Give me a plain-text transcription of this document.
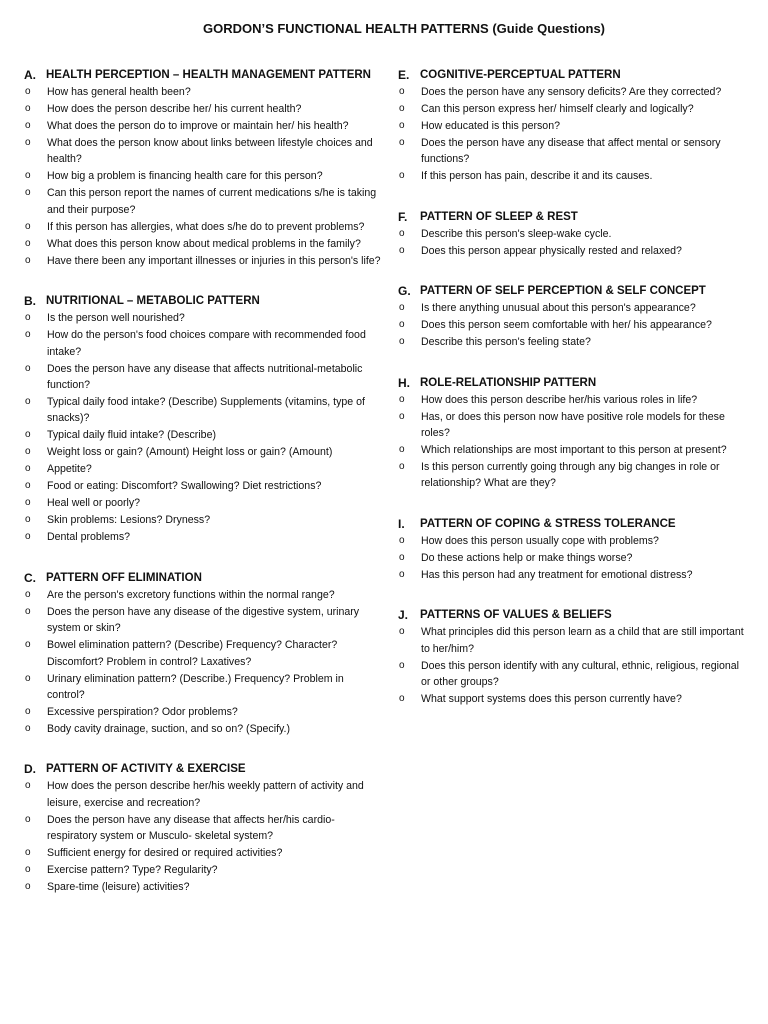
GORDON’S FUNCTIONAL HEALTH PATTERNS (Guide Questions)
A. HEALTH PERCEPTION – HEALTH MANAGEMENT PATTERN
o	How has general health been?
o	How does the person describe her/ his current health?
o	What does the person do to improve or maintain her/ his health?
o	What does the person know about links between lifestyle choices and health?
o	How big a problem is financing health care for this person?
o	Can this person report the names of current medications s/he is taking and their purpose?
o	If this person has allergies, what does s/he do to prevent problems?
o	What does this person know about medical problems in the family?
o	Have there been any important illnesses or injuries in this person's life?
B. NUTRITIONAL – METABOLIC PATTERN
o	Is the person well nourished?
o	How do the person's food choices compare with recommended food intake?
o	Does the person have any disease that affects nutritional-metabolic function?
o	Typical daily food intake? (Describe) Supplements (vitamins, type of snacks)?
o	Typical daily fluid intake? (Describe)
o	Weight loss or gain? (Amount) Height loss or gain? (Amount)
o	Appetite?
o	Food or eating: Discomfort? Swallowing? Diet restrictions?
o	Heal well or poorly?
o	Skin problems: Lesions? Dryness?
o	Dental problems?
C. PATTERN OFF ELIMINATION
o	Are the person's excretory functions within the normal range?
o	Does the person have any disease of the digestive system, urinary system or skin?
o	Bowel elimination pattern? (Describe) Frequency? Character? Discomfort? Problem in control? Laxatives?
o	Urinary elimination pattern? (Describe.) Frequency? Problem in control?
o	Excessive perspiration? Odor problems?
o	Body cavity drainage, suction, and so on? (Specify.)
D. PATTERN OF ACTIVITY & EXERCISE
o	How does the person describe her/his weekly pattern of activity and leisure, exercise and recreation?
o	Does the person have any disease that affects her/his cardio-respiratory system or Musculo- skeletal system?
o	Sufficient energy for desired or required activities?
o	Exercise pattern? Type? Regularity?
o	Spare-time (leisure) activities?
E. COGNITIVE-PERCEPTUAL PATTERN
o	Does the person have any sensory deficits? Are they corrected?
o	Can this person express her/ himself clearly and logically?
o	How educated is this person?
o	Does the person have any disease that affect mental or sensory functions?
o	If this person has pain, describe it and its causes.
F.	PATTERN OF SLEEP & REST
o	Describe this person's sleep-wake cycle.
o	Does this person appear physically rested and relaxed?
G. PATTERN OF SELF PERCEPTION & SELF CONCEPT
o	Is there anything unusual about this person's appearance?
o	Does this person seem comfortable with her/ his appearance?
o	Describe this person's feeling state?
H. ROLE-RELATIONSHIP PATTERN
o	How does this person describe her/his various roles in life?
o	Has, or does this person now have positive role models for these roles?
o	Which relationships are most important to this person at present?
o	Is this person currently going through any big changes in role or relationship? What are they?
I.	PATTERN OF COPING & STRESS TOLERANCE
o	How does this person usually cope with problems?
o	Do these actions help or make things worse?
o	Has this person had any treatment for emotional distress?
J.	PATTERNS OF VALUES & BELIEFS
o	What principles did this person learn as a child that are still important to her/him?
o	Does this person identify with any cultural, ethnic, religious, regional or other groups?
o	What support systems does this person currently have?
